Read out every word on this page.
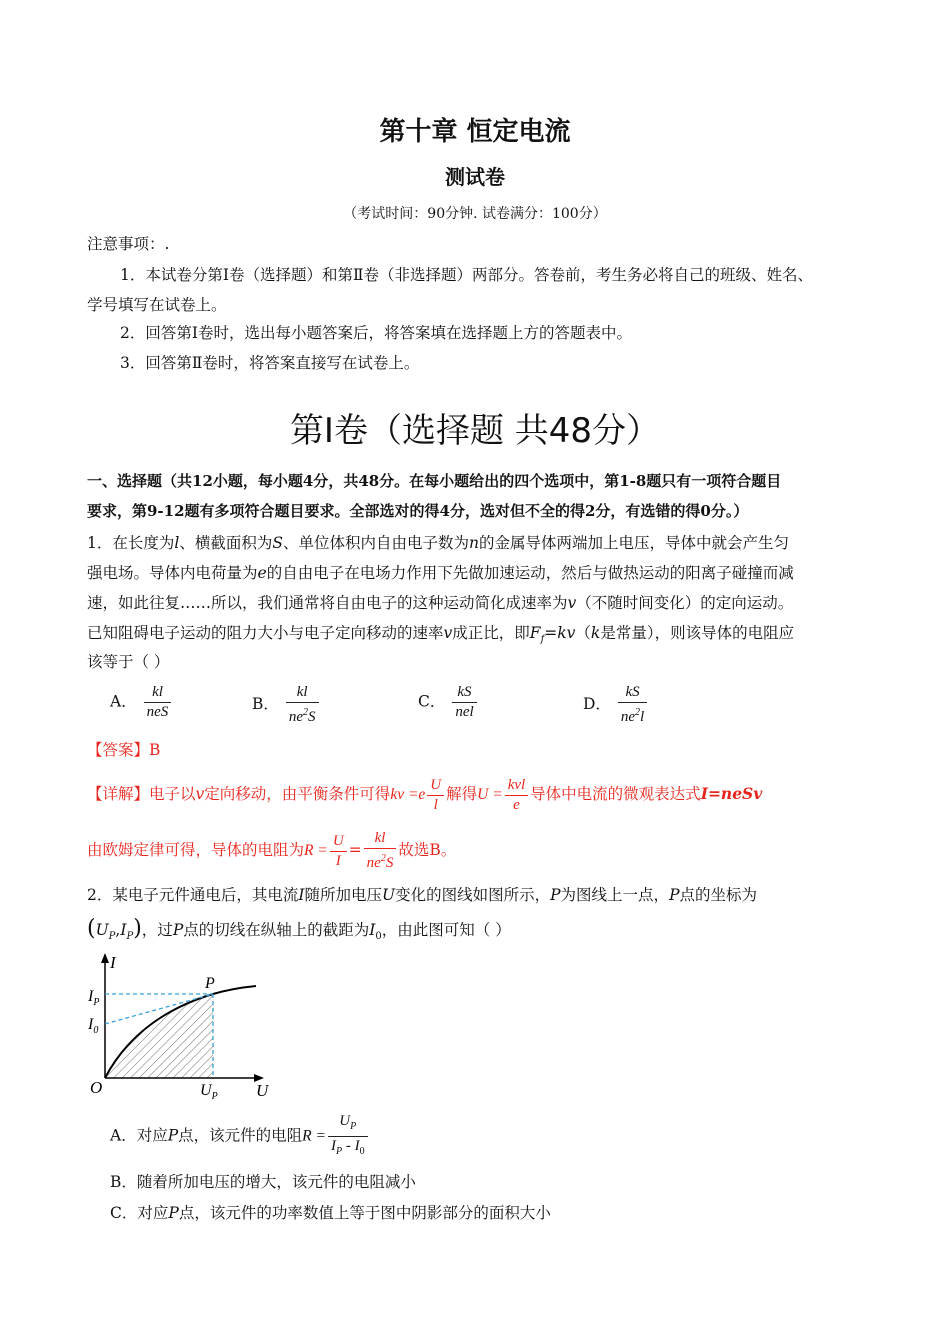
第十章 恒定电流
测试卷
（考试时间：90分钟. 试卷满分：100分）
注意事项：.
1．本试卷分第Ⅰ卷（选择题）和第Ⅱ卷（非选择题）两部分。答卷前，考生务必将自己的班级、姓名、
学号填写在试卷上。
2．回答第Ⅰ卷时，选出每小题答案后，将答案填在选择题上方的答题表中。
3．回答第Ⅱ卷时，将答案直接写在试卷上。
第Ⅰ卷（选择题 共48分）
一、选择题（共12小题，每小题4分，共48分。在每小题给出的四个选项中，第1-8题只有一项符合题目
要求，第9-12题有多项符合题目要求。全部选对的得4分，选对但不全的得2分，有选错的得0分。）
1．在长度为l、横截面积为S、单位体积内自由电子数为n的金属导体两端加上电压，导体中就会产生匀
强电场。导体内电荷量为e的自由电子在电场力作用下先做加速运动，然后与做热运动的阳离子碰撞而减
速，如此往复……所以，我们通常将自由电子的这种运动简化成速率为v（不随时间变化）的定向运动。
已知阻碍电子运动的阻力大小与电子定向移动的速率v成正比，即$F_f=kv(k$是常量），则该导体的电阻应
该等于（ ）
A． $\frac{kl}{\text{neS}}$	B． $\frac{kl}{ne^2S}$	C． $\frac{kS}{\text{nel}}$	D． $\frac{kS}{ne^2l}$
【答案】B
【详解】电子以v定向移动，由平衡条件可得kv $=e \frac{U}{l}$ 解得$U = \frac{\text{kvl}}{e}$ 导体中电流的微观表达式I=neSv
由欧姆定律可得，导体的电阻为$R = \frac{U}{I} = \frac{kl}{ne^2S}$ 故选B。
2．某电子元件通电后，其电流I随所加电压U变化的图线如图所示，P为图线上一点，P点的坐标为
$(U_P,I_P)$，过P点的切线在纵轴上的截距为$I_0$，由此图可知（ ）
I
U
O
$I_P$
$I_0$
P
$U_P$
A．对应P点，该元件的电阻$R = \frac{U_P}{I_P - I_0}$
B．随着所加电压的增大，该元件的电阻减小
C．对应P点，该元件的功率数值上等于图中阴影部分的面积大小
